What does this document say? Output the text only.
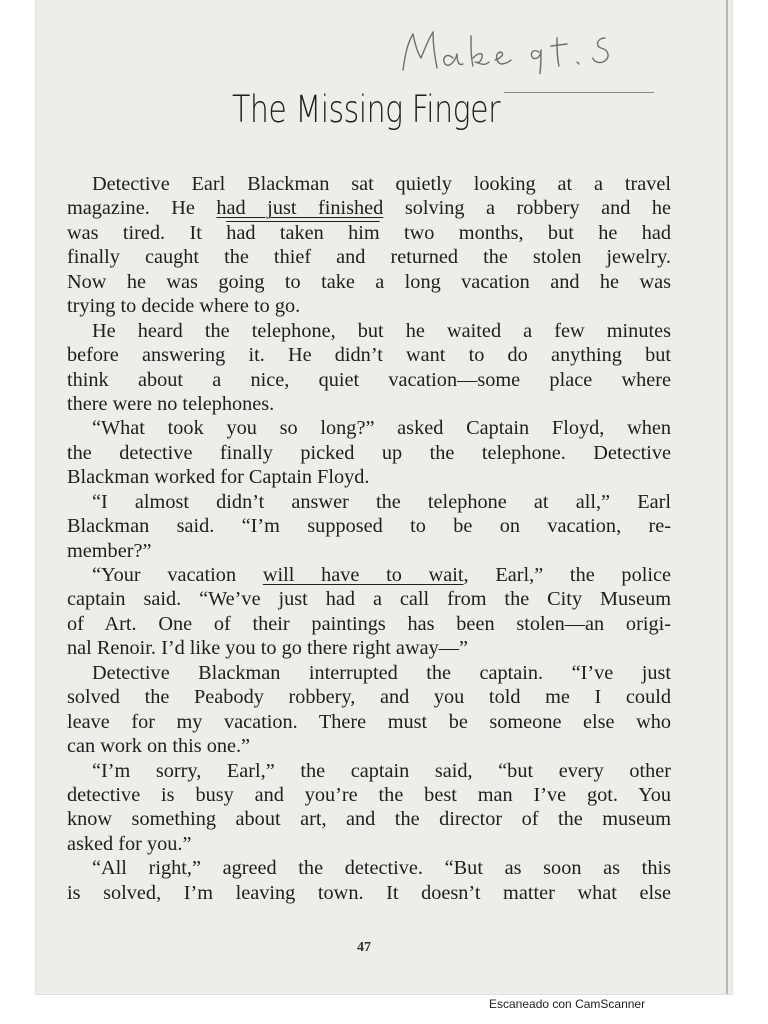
The Missing Finger
Detective Earl Blackman sat quietly looking at a travel
magazine. He had just finished solving a robbery and he
was tired. It had taken him two months, but he had
finally caught the thief and returned the stolen jewelry.
Now he was going to take a long vacation and he was
trying to decide where to go.
He heard the telephone, but he waited a few minutes
before answering it. He didn’t want to do anything but
think about a nice, quiet vacation—some place where
there were no telephones.
“What took you so long?” asked Captain Floyd, when
the detective finally picked up the telephone. Detective
Blackman worked for Captain Floyd.
“I almost didn’t answer the telephone at all,” Earl
Blackman said. “I’m supposed to be on vacation, re-
member?”
“Your vacation will have to wait, Earl,” the police
captain said. “We’ve just had a call from the City Museum
of Art. One of their paintings has been stolen—an origi-
nal Renoir. I’d like you to go there right away—”
Detective Blackman interrupted the captain. “I’ve just
solved the Peabody robbery, and you told me I could
leave for my vacation. There must be someone else who
can work on this one.”
“I’m sorry, Earl,” the captain said, “but every other
detective is busy and you’re the best man I’ve got. You
know something about art, and the director of the museum
asked for you.”
“All right,” agreed the detective. “But as soon as this
is solved, I’m leaving town. It doesn’t matter what else
47
Escaneado con CamScanner
